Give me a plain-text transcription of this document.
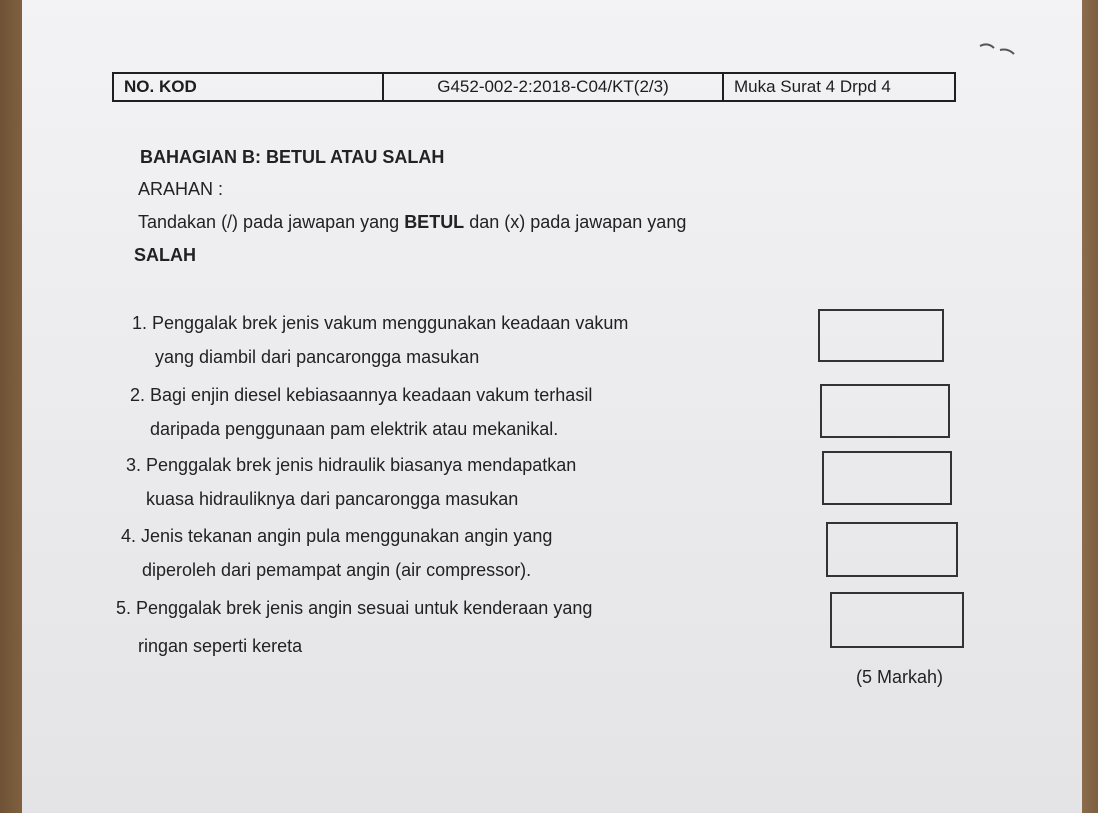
NO. KOD	G452-002-2:2018-C04/KT(2/3)	Muka Surat 4 Drpd 4
BAHAGIAN B: BETUL ATAU SALAH
ARAHAN :
Tandakan (/) pada jawapan yang BETUL dan (x) pada jawapan yang
SALAH
1. Penggalak brek jenis vakum menggunakan keadaan vakum
yang diambil dari pancarongga masukan
2. Bagi enjin diesel kebiasaannya keadaan vakum terhasil
daripada penggunaan pam elektrik atau mekanikal.
3. Penggalak brek jenis hidraulik biasanya mendapatkan
kuasa hidrauliknya dari pancarongga masukan
4. Jenis tekanan angin pula menggunakan angin yang
diperoleh dari pemampat angin (air compressor).
5. Penggalak brek jenis angin sesuai untuk kenderaan yang
ringan seperti kereta
(5 Markah)
